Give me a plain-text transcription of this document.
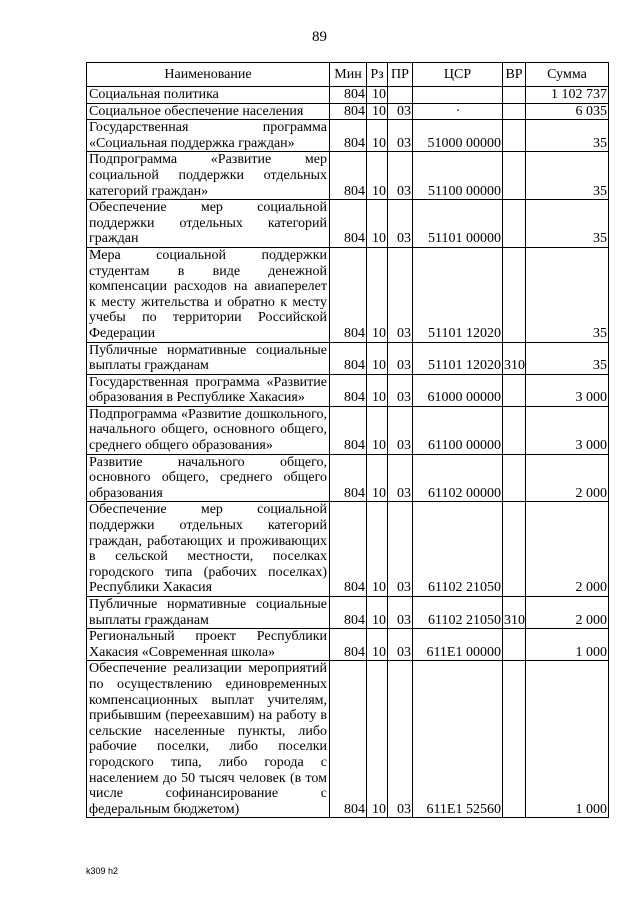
89
Наименование	Мин	Рз	ПР	ЦСР	ВР	Сумма
Социальная политика	804	10				1 102 737
Социальное обеспечение населения	804	10	03	·		6 035
Государственная программа «Социальная поддержка граждан»	804	10	03	51000 00000		35
Подпрограмма «Развитие мер социальной поддержки отдельных категорий граждан»	804	10	03	51100 00000		35
Обеспечение мер социальной поддержки отдельных категорий граждан	804	10	03	51101 00000		35
Мера социальной поддержки студентам в виде денежной компенсации расходов на авиаперелет к месту жительства и обратно к месту учебы по территории Российской Федерации	804	10	03	51101 12020		35
Публичные нормативные социальные выплаты гражданам	804	10	03	51101 12020	310	35
Государственная программа «Развитие образования в Республике Хакасия»	804	10	03	61000 00000		3 000
Подпрограмма «Развитие дошкольного, начального общего, основного общего, среднего общего образования»	804	10	03	61100 00000		3 000
Развитие начального общего, основного общего, среднего общего образования	804	10	03	61102 00000		2 000
Обеспечение мер социальной поддержки отдельных категорий граждан, работающих и проживающих в сельской местности, поселках городского типа (рабочих поселках) Республики Хакасия	804	10	03	61102 21050		2 000
Публичные нормативные социальные выплаты гражданам	804	10	03	61102 21050	310	2 000
Региональный проект Республики Хакасия «Современная школа»	804	10	03	611E1 00000		1 000
Обеспечение реализации мероприятий по осуществлению единовременных компенсационных выплат учителям, прибывшим (переехавшим) на работу в сельские населенные пункты, либо рабочие поселки, либо поселки городского типа, либо города с населением до 50 тысяч человек (в том числе софинансирование с федеральным бюджетом)	804	10	03	611E1 52560		1 000
k309 h2
